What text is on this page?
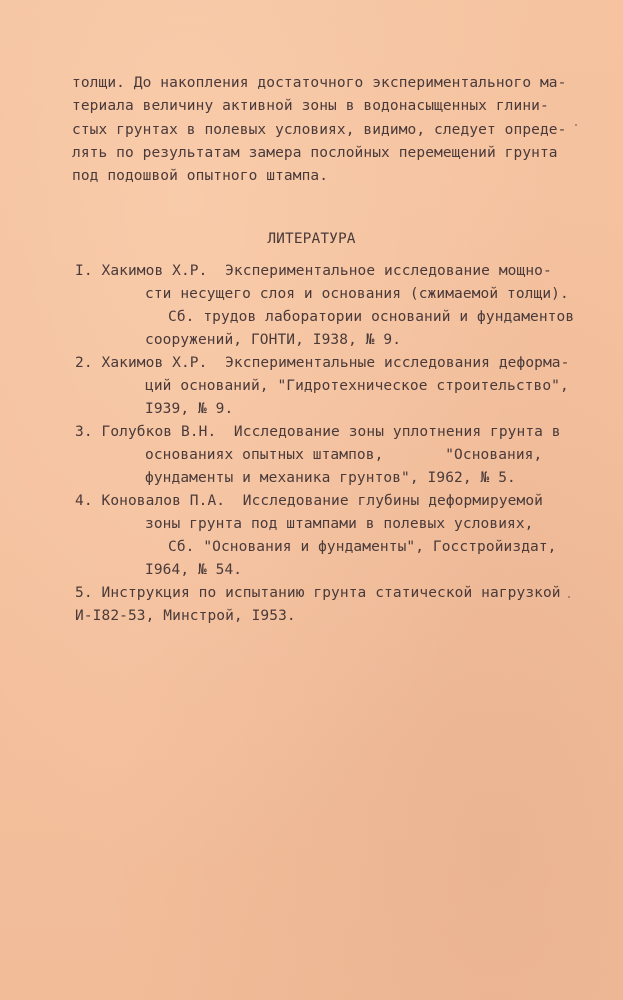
толщи. До накопления достаточного экспериментального ма-
териала величину активной зоны в водонасыщенных глини-
стых грунтах в полевых условиях, видимо, следует опреде-
лять по результатам замера послойных перемещений грунта
под подошвой опытного штампа.
ЛИТЕРАТУРА
I. Хакимов Х.Р.  Экспериментальное исследование мощно-
сти несущего слоя и основания (сжимаемой толщи).
Сб. трудов лаборатории оснований и фундаментов
сооружений, ГОНТИ, I938, № 9.
2. Хакимов Х.Р.  Экспериментальные исследования деформа-
ций оснований, "Гидротехническое строительство",
I939, № 9.
3. Голубков В.Н.  Исследование зоны уплотнения грунта в
основаниях опытных штампов,       "Основания,
фундаменты и механика грунтов", I962, № 5.
4. Коновалов П.А.  Исследование глубины деформируемой
зоны грунта под штампами в полевых условиях,
Сб. "Основания и фундаменты", Госстройиздат,
I964, № 54.
5. Инструкция по испытанию грунта статической нагрузкой
И-I82-53, Минстрой, I953.
